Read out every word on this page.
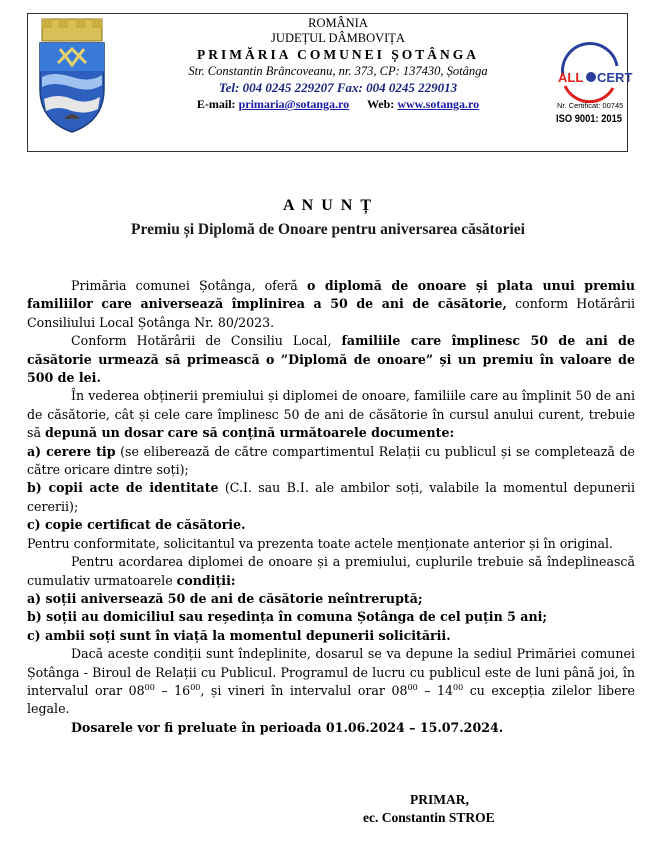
ROMÂNIA
JUDEȚUL DÂMBOVIȚA
PRIMĂRIA COMUNEI ȘOTÂNGA
Str. Constantin Brâncoveanu, nr. 373, CP: 137430, Șotânga
Tel: 004 0245 229207 Fax: 004 0245 229013
E-mail: primaria@sotanga.ro Web: www.sotanga.ro
ALL CERT
Nr. Certificat: 00745
ISO 9001: 2015
A N U N Ț
Premiu și Diplomă de Onoare pentru aniversarea căsătoriei

Primăria comunei Șotânga, oferă o diplomă de onoare și plata unui premiu familiilor care aniversează împlinirea a 50 de ani de căsătorie, conform Hotărârii Consiliului Local Șotânga Nr. 80/2023.

Conform Hotărârii de Consiliu Local, familiile care împlinesc 50 de ani de căsătorie urmează să primească o ”Diplomă de onoare” și un premiu în valoare de 500 de lei.

În vederea obținerii premiului și diplomei de onoare, familiile care au împlinit 50 de ani de căsătorie, cât și cele care împlinesc 50 de ani de căsătorie în cursul anului curent, trebuie să depună un dosar care să conțină următoarele documente:

a) cerere tip (se eliberează de către compartimentul Relații cu publicul și se completează de către oricare dintre soți);

b) copii acte de identitate (C.I. sau B.I. ale ambilor soți, valabile la momentul depunerii cererii);

c) copie certificat de căsătorie.

Pentru conformitate, solicitantul va prezenta toate actele menționate anterior și în original.

Pentru acordarea diplomei de onoare și a premiului, cuplurile trebuie să îndeplinească cumulativ urmatoarele condiții:

a) soții aniversează 50 de ani de căsătorie neîntreruptă;

b) soții au domiciliul sau reședința în comuna Șotânga de cel puțin 5 ani;

c) ambii soți sunt în viață la momentul depunerii solicitării.

Dacă aceste condiții sunt îndeplinite, dosarul se va depune la sediul Primăriei comunei Șotânga - Biroul de Relații cu Publicul. Programul de lucru cu publicul este de luni până joi, în intervalul orar $08^{00} - 16^{00}$, și vineri în intervalul orar $08^{00} - 14^{00}$ cu excepția zilelor libere legale.

Dosarele vor fi preluate în perioada 01.06.2024 – 15.07.2024.

PRIMAR,
ec. Constantin STROE
